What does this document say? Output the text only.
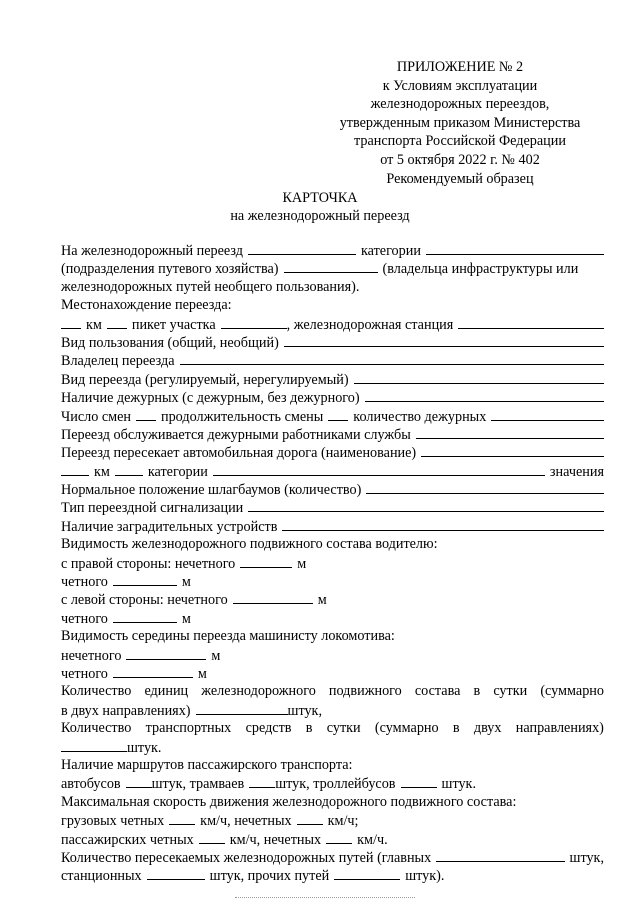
ПРИЛОЖЕНИЕ № 2
к Условиям эксплуатации
железнодорожных переездов,
утвержденным приказом Министерства
транспорта Российской Федерации
от 5 октября 2022 г. № 402
Рекомендуемый образец
КАРТОЧКА
на железнодорожный переезд
На железнодорожный переезд	категории
(подразделения путевого хозяйства)	(владельца инфраструктуры или
железнодорожных путей необщего пользования).
Местонахождение переезда:
км пикет участка	, железнодорожная станция
Вид пользования (общий, необщий)
Владелец переезда
Вид переезда (регулируемый, нерегулируемый)
Наличие дежурных (с дежурным, без дежурного)
Число смен продолжительность смены количество дежурных
Переезд обслуживается дежурными работниками службы
Переезд пересекает автомобильная дорога (наименование)
км	категории	значения
Нормальное положение шлагбаумов (количество)
Тип переездной сигнализации
Наличие заградительных устройств
Видимость железнодорожного подвижного состава водителю:
с правой стороны: нечетного	м
четного	м
с левой стороны: нечетного	м
четного	м
Видимость середины переезда машинисту локомотива:
нечетного	м
четного	м
Количество единиц железнодорожного подвижного состава в сутки (суммарно
в двух направлениях)	штук,
Количество транспортных средств в сутки (суммарно в двух направлениях)
штук.
Наличие маршрутов пассажирского транспорта:
автобусов штук, трамваев штук, троллейбусов	штук.
Максимальная скорость движения железнодорожного подвижного состава:
грузовых четных	км/ч, нечетных	км/ч;
пассажирских четных	км/ч, нечетных	км/ч.
Количество пересекаемых железнодорожных путей (главных	штук,
станционных	штук, прочих путей	штук).
